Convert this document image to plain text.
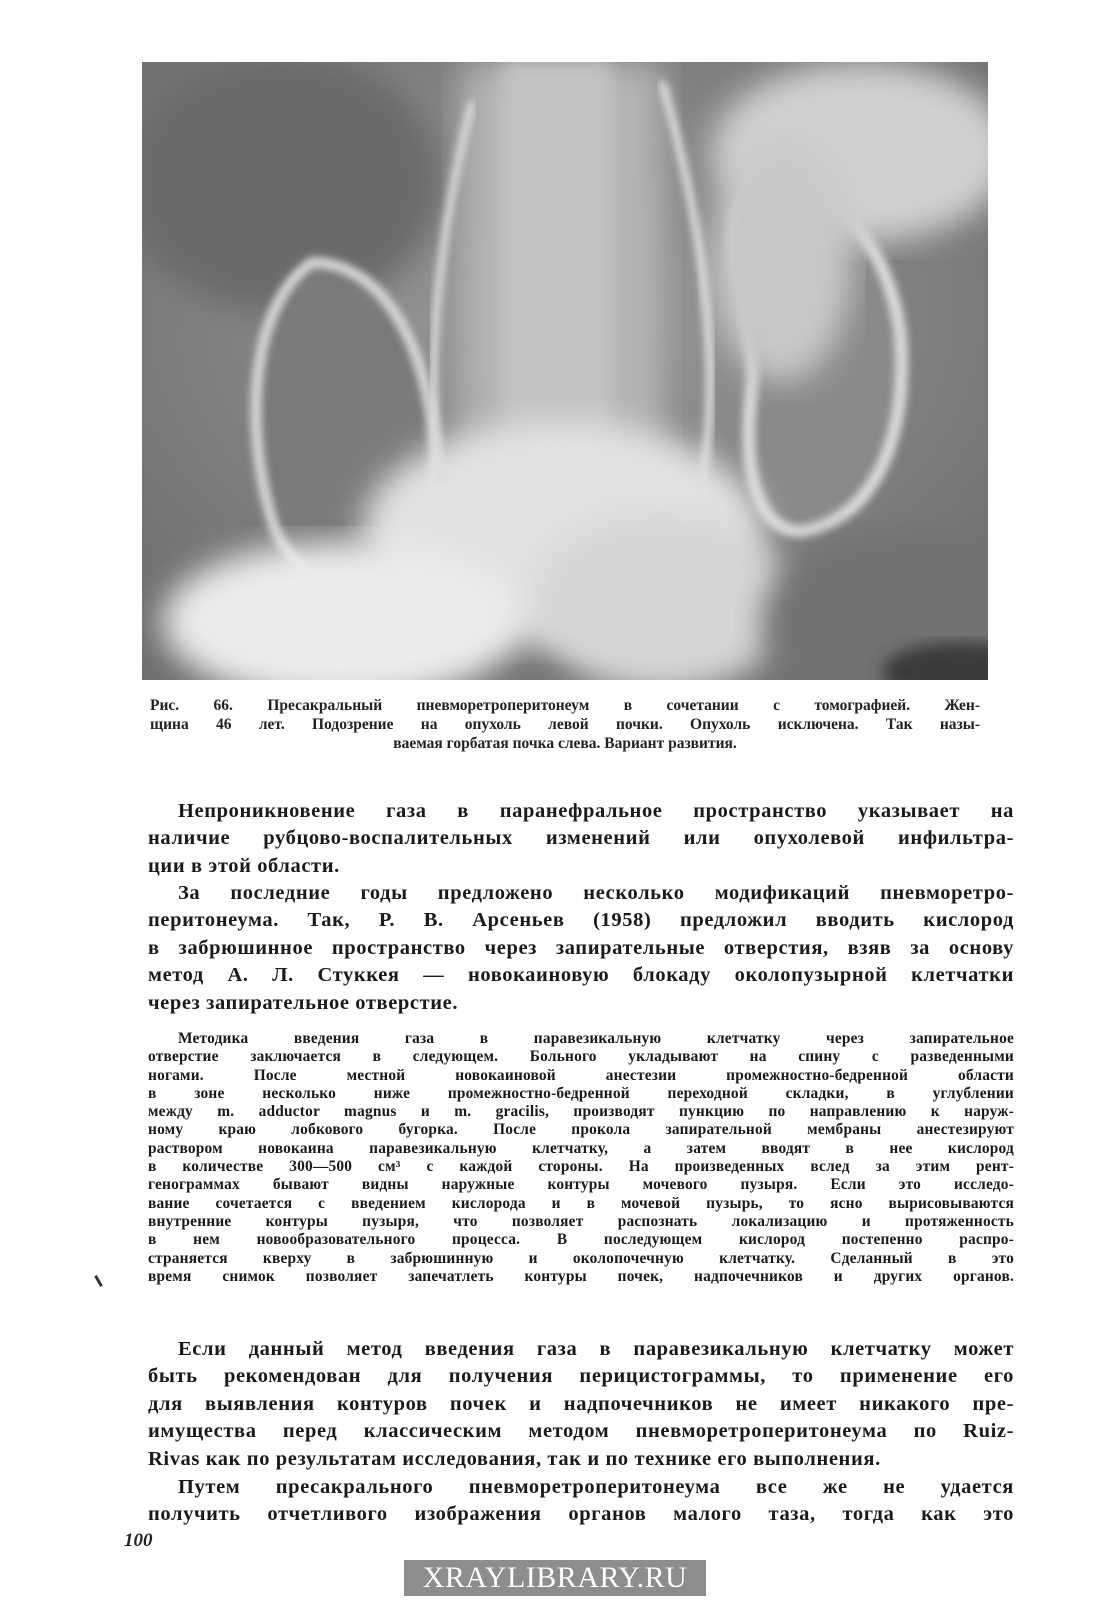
Рис. 66. Пресакральный пневморетроперитонеум в сочетании с томографией. Жен-
щина 46 лет. Подозрение на опухоль левой почки. Опухоль исключена. Так назы-
ваемая горбатая почка слева. Вариант развития.
Непроникновение газа в паранефральное пространство указывает на
наличие рубцово-воспалительных изменений или опухолевой инфильтра-
ции в этой области.
За последние годы предложено несколько модификаций пневморетро-
перитонеума. Так, Р. В. Арсеньев (1958) предложил вводить кислород
в забрюшинное пространство через запирательные отверстия, взяв за основу
метод А. Л. Стуккея — новокаиновую блокаду околопузырной клетчатки
через запирательное отверстие.
Методика введения газа в паравезикальную клетчатку через запирательное
отверстие заключается в следующем. Больного укладывают на спину с разведенными
ногами. После местной новокаиновой анестезии промежностно-бедренной области
в зоне несколько ниже промежностно-бедренной переходной складки, в углублении
между m. adductor magnus и m. gracilis, производят пункцию по направлению к наруж-
ному краю лобкового бугорка. После прокола запирательной мембраны анестезируют
раствором новокаина паравезикальную клетчатку, а затем вводят в нее кислород
в количестве 300—500 см³ с каждой стороны. На произведенных вслед за этим рент-
генограммах бывают видны наружные контуры мочевого пузыря. Если это исследо-
вание сочетается с введением кислорода и в мочевой пузырь, то ясно вырисовываются
внутренние контуры пузыря, что позволяет распознать локализацию и протяженность
в нем новообразовательного процесса. В последующем кислород постепенно распро-
страняется кверху в забрюшинную и околопочечную клетчатку. Сделанный в это
время снимок позволяет запечатлеть контуры почек, надпочечников и других органов.
Если данный метод введения газа в паравезикальную клетчатку может
быть рекомендован для получения перицистограммы, то применение его
для выявления контуров почек и надпочечников не имеет никакого пре-
имущества перед классическим методом пневморетроперитонеума по Ruiz-
Rivas как по результатам исследования, так и по технике его выполнения.
Путем пресакрального пневморетроперитонеума все же не удается
получить отчетливого изображения органов малого таза, тогда как это
100
XRAYLIBRARY.RU
